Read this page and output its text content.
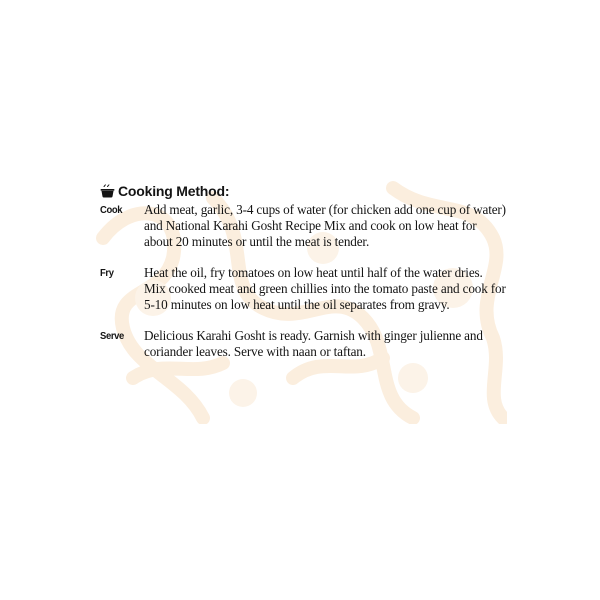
Cooking Method:
Cook	Add meat, garlic, 3-4 cups of water (for chicken add one cup of water) and National Karahi Gosht Recipe Mix and cook on low heat for about 20 minutes or until the meat is tender.
Fry	Heat the oil, fry tomatoes on low heat until half of the water dries. Mix cooked meat and green chillies into the tomato paste and cook for 5-10 minutes on low heat until the oil separates from gravy.
Serve	Delicious Karahi Gosht is ready. Garnish with ginger julienne and coriander leaves. Serve with naan or taftan.
